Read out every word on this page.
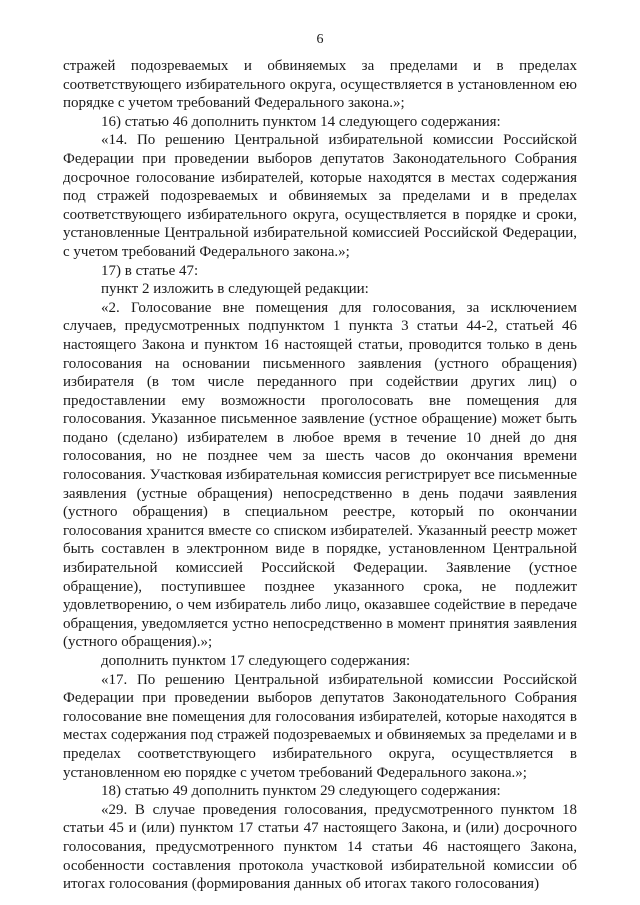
6

стражей подозреваемых и обвиняемых за пределами и в пределах соответствующего избирательного округа, осуществляется в установленном ею порядке с учетом требований Федерального закона.»;

16) статью 46 дополнить пунктом 14 следующего содержания:

«14. По решению Центральной избирательной комиссии Российской Федерации при проведении выборов депутатов Законодательного Собрания досрочное голосование избирателей, которые находятся в местах содержания под стражей подозреваемых и обвиняемых за пределами и в пределах соответствующего избирательного округа, осуществляется в порядке и сроки, установленные Центральной избирательной комиссией Российской Федерации, с учетом требований Федерального закона.»;

17) в статье 47:

пункт 2 изложить в следующей редакции:

«2. Голосование вне помещения для голосования, за исключением случаев, предусмотренных подпунктом 1 пункта 3 статьи 44-2, статьей 46 настоящего Закона и пунктом 16 настоящей статьи, проводится только в день голосования на основании письменного заявления (устного обращения) избирателя (в том числе переданного при содействии других лиц) о предоставлении ему возможности проголосовать вне помещения для голосования. Указанное письменное заявление (устное обращение) может быть подано (сделано) избирателем в любое время в течение 10 дней до дня голосования, но не позднее чем за шесть часов до окончания времени голосования. Участковая избирательная комиссия регистрирует все письменные заявления (устные обращения) непосредственно в день подачи заявления (устного обращения) в специальном реестре, который по окончании голосования хранится вместе со списком избирателей. Указанный реестр может быть составлен в электронном виде в порядке, установленном Центральной избирательной комиссией Российской Федерации. Заявление (устное обращение), поступившее позднее указанного срока, не подлежит удовлетворению, о чем избиратель либо лицо, оказавшее содействие в передаче обращения, уведомляется устно непосредственно в момент принятия заявления (устного обращения).»;

дополнить пунктом 17 следующего содержания:

«17. По решению Центральной избирательной комиссии Российской Федерации при проведении выборов депутатов Законодательного Собрания голосование вне помещения для голосования избирателей, которые находятся в местах содержания под стражей подозреваемых и обвиняемых за пределами и в пределах соответствующего избирательного округа, осуществляется в установленном ею порядке с учетом требований Федерального закона.»;

18) статью 49 дополнить пунктом 29 следующего содержания:

«29. В случае проведения голосования, предусмотренного пунктом 18 статьи 45 и (или) пунктом 17 статьи 47 настоящего Закона, и (или) досрочного голосования, предусмотренного пунктом 14 статьи 46 настоящего Закона, особенности составления протокола участковой избирательной комиссии об итогах голосования (формирования данных об итогах такого голосования)
